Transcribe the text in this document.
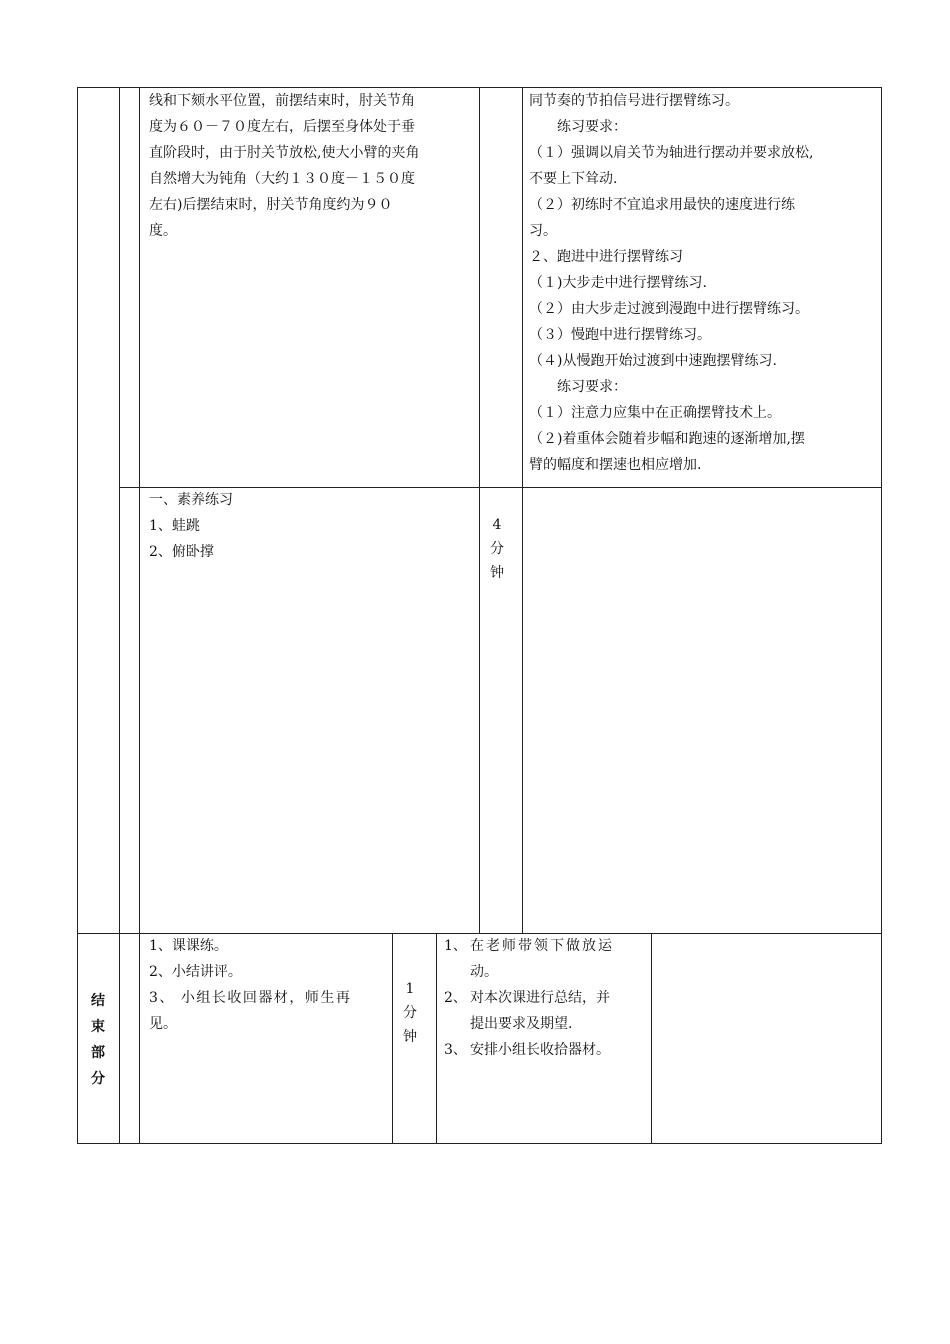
线和下颏水平位置，前摆结束时，肘关节角
度为６０－７０度左右，后摆至身体处于垂
直阶段时，由于肘关节放松,使大小臂的夹角
自然增大为钝角（大约１３０度－１５０度
左右)后摆结束时，肘关节角度约为９０
度。
同节奏的节拍信号进行摆臂练习。
练习要求：
（１）强调以肩关节为轴进行摆动并要求放松,
不要上下耸动.
（２）初练时不宜追求用最快的速度进行练
习。
２、跑进中进行摆臂练习
（１)大步走中进行摆臂练习.
（２）由大步走过渡到漫跑中进行摆臂练习。
（３）慢跑中进行摆臂练习。
（４)从慢跑开始过渡到中速跑摆臂练习.
练习要求：
（１）注意力应集中在正确摆臂技术上。
（２)着重体会随着步幅和跑速的逐渐增加,摆
臂的幅度和摆速也相应增加.
一、素养练习
1、蛙跳
2、俯卧撑
4
分
钟
结
束
部
分
1、课课练。
2、小结讲评。
3、 小组长收回器材，师生再
见。
1
分
钟
1、 在老师带领下做放运
动。
2、 对本次课进行总结，并
提出要求及期望.
3、 安排小组长收拾器材。
